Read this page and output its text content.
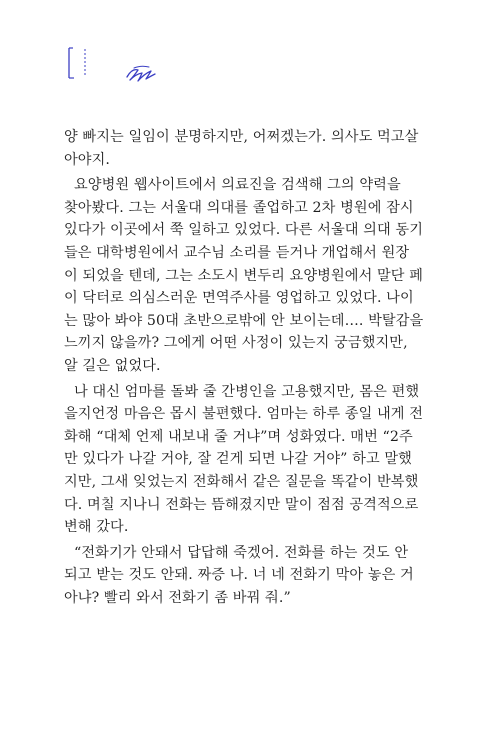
양 빠지는 일임이 분명하지만, 어쩌겠는가. 의사도 먹고살
아야지.
요양병원 웹사이트에서 의료진을 검색해 그의 약력을
찾아봤다. 그는 서울대 의대를 졸업하고 2차 병원에 잠시
있다가 이곳에서 쭉 일하고 있었다. 다른 서울대 의대 동기
들은 대학병원에서 교수님 소리를 듣거나 개업해서 원장
이 되었을 텐데, 그는 소도시 변두리 요양병원에서 말단 페
이 닥터로 의심스러운 면역주사를 영업하고 있었다. 나이
는 많아 봐야 50대 초반으로밖에 안 보이는데…. 박탈감을
느끼지 않을까? 그에게 어떤 사정이 있는지 궁금했지만,
알 길은 없었다.
나 대신 엄마를 돌봐 줄 간병인을 고용했지만, 몸은 편했
을지언정 마음은 몹시 불편했다. 엄마는 하루 종일 내게 전
화해 “대체 언제 내보내 줄 거냐”며 성화였다. 매번 “2주
만 있다가 나갈 거야, 잘 걷게 되면 나갈 거야” 하고 말했
지만, 그새 잊었는지 전화해서 같은 질문을 똑같이 반복했
다. 며칠 지나니 전화는 뜸해졌지만 말이 점점 공격적으로
변해 갔다.
“전화기가 안돼서 답답해 죽겠어. 전화를 하는 것도 안
되고 받는 것도 안돼. 짜증 나. 너 네 전화기 막아 놓은 거
아냐? 빨리 와서 전화기 좀 바꿔 줘.”
